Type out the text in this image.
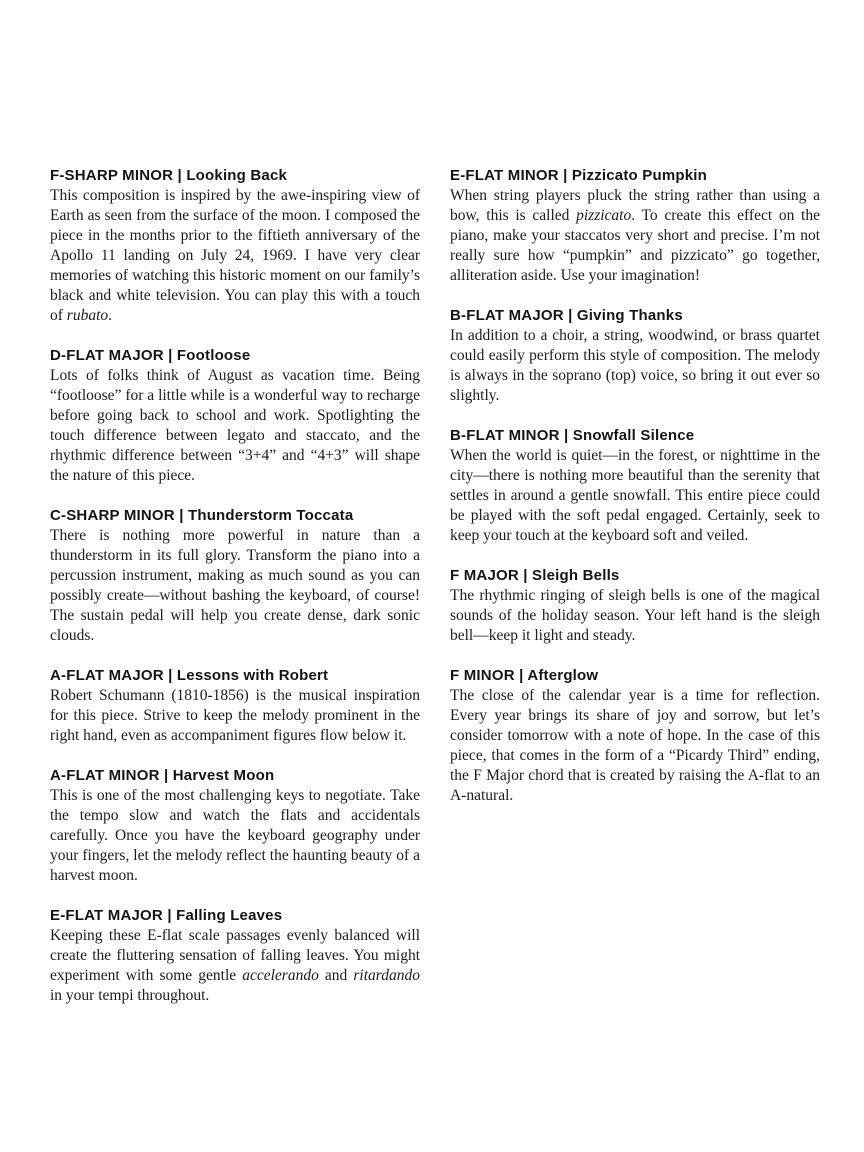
F-SHARP MINOR | Looking Back

This composition is inspired by the awe-inspiring view of Earth as seen from the surface of the moon. I composed the piece in the months prior to the fiftieth anniversary of the Apollo 11 landing on July 24, 1969. I have very clear memories of watching this historic moment on our family’s black and white television. You can play this with a touch of rubato.

D-FLAT MAJOR | Footloose

Lots of folks think of August as vacation time. Being “footloose” for a little while is a wonderful way to recharge before going back to school and work. Spotlighting the touch difference between legato and staccato, and the rhythmic difference between “3+4” and “4+3” will shape the nature of this piece.

C-SHARP MINOR | Thunderstorm Toccata

There is nothing more powerful in nature than a thunderstorm in its full glory. Transform the piano into a percussion instrument, making as much sound as you can possibly create—without bashing the keyboard, of course! The sustain pedal will help you create dense, dark sonic clouds.

A-FLAT MAJOR | Lessons with Robert

Robert Schumann (1810-1856) is the musical inspiration for this piece. Strive to keep the melody prominent in the right hand, even as accompaniment figures flow below it.

A-FLAT MINOR | Harvest Moon

This is one of the most challenging keys to negotiate. Take the tempo slow and watch the flats and accidentals carefully. Once you have the keyboard geography under your fingers, let the melody reflect the haunting beauty of a harvest moon.

E-FLAT MAJOR | Falling Leaves

Keeping these E-flat scale passages evenly balanced will create the fluttering sensation of falling leaves. You might experiment with some gentle accelerando and ritardando in your tempi throughout.

E-FLAT MINOR | Pizzicato Pumpkin

When string players pluck the string rather than using a bow, this is called pizzicato. To create this effect on the piano, make your staccatos very short and precise. I’m not really sure how “pumpkin” and pizzicato” go together, alliteration aside. Use your imagination!

B-FLAT MAJOR | Giving Thanks

In addition to a choir, a string, woodwind, or brass quartet could easily perform this style of composition. The melody is always in the soprano (top) voice, so bring it out ever so slightly.

B-FLAT MINOR | Snowfall Silence

When the world is quiet—in the forest, or nighttime in the city—there is nothing more beautiful than the serenity that settles in around a gentle snowfall. This entire piece could be played with the soft pedal engaged. Certainly, seek to keep your touch at the keyboard soft and veiled.

F MAJOR | Sleigh Bells

The rhythmic ringing of sleigh bells is one of the magical sounds of the holiday season. Your left hand is the sleigh bell—keep it light and steady.

F MINOR | Afterglow

The close of the calendar year is a time for reflection. Every year brings its share of joy and sorrow, but let’s consider tomorrow with a note of hope. In the case of this piece, that comes in the form of a “Picardy Third” ending, the F Major chord that is created by raising the A-flat to an A-natural.
